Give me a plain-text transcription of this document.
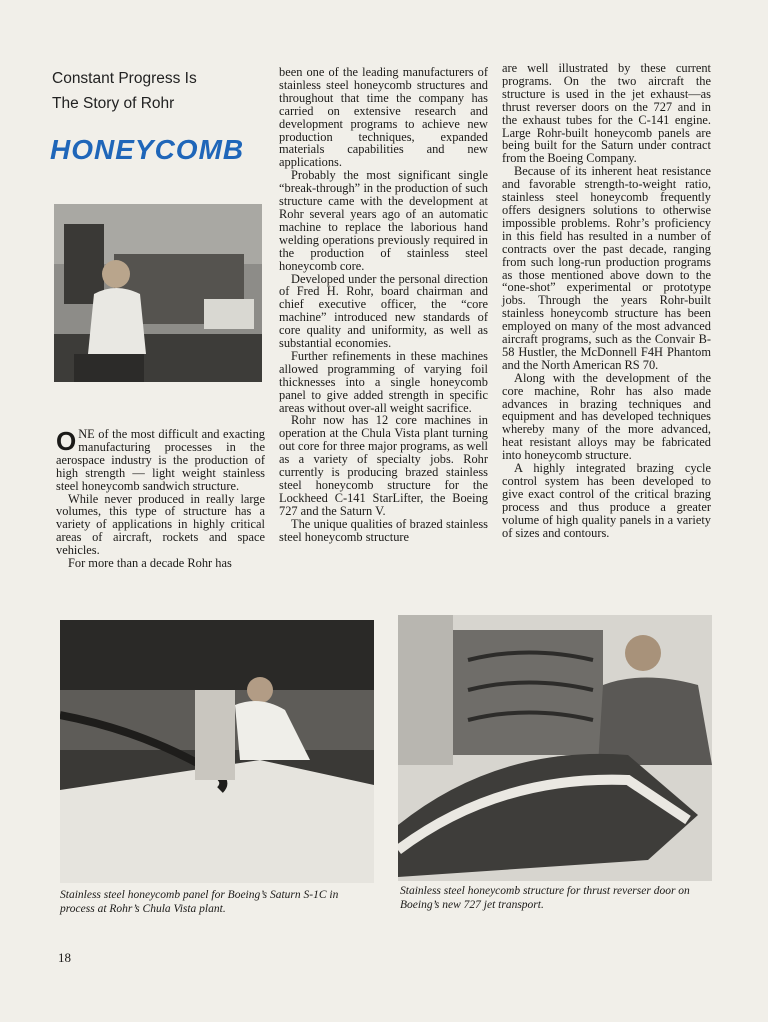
Constant Progress Is
The Story of Rohr
HONEYCOMB

ONE of the most difficult and exacting manufacturing processes in the aerospace industry is the production of high strength — light weight stainless steel honeycomb sandwich structure.

While never produced in really large volumes, this type of structure has a variety of applications in highly critical areas of aircraft, rockets and space vehicles.

For more than a decade Rohr has

been one of the leading manufacturers of stainless steel honeycomb structures and throughout that time the company has carried on extensive research and development programs to achieve new production techniques, expanded materials capabilities and new applications.

Probably the most significant single “break-through” in the production of such structure came with the development at Rohr several years ago of an automatic machine to replace the laborious hand welding operations previously required in the production of stainless steel honeycomb core.

Developed under the personal direction of Fred H. Rohr, board chairman and chief executive officer, the “core machine” introduced new standards of core quality and uniformity, as well as substantial economies.

Further refinements in these machines allowed programming of varying foil thicknesses into a single honeycomb panel to give added strength in specific areas without over-all weight sacrifice.

Rohr now has 12 core machines in operation at the Chula Vista plant turning out core for three major programs, as well as a variety of specialty jobs. Rohr currently is producing brazed stainless steel honeycomb structure for the Lockheed C-141 StarLifter, the Boeing 727 and the Saturn V.

The unique qualities of brazed stainless steel honeycomb structure

are well illustrated by these current programs. On the two aircraft the structure is used in the jet exhaust—as thrust reverser doors on the 727 and in the exhaust tubes for the C-141 engine. Large Rohr-built honeycomb panels are being built for the Saturn under contract from the Boeing Company.

Because of its inherent heat resistance and favorable strength-to-weight ratio, stainless steel honeycomb frequently offers designers solutions to otherwise impossible problems. Rohr’s proficiency in this field has resulted in a number of contracts over the past decade, ranging from such long-run production programs as those mentioned above down to the “one-shot” experimental or prototype jobs. Through the years Rohr-built stainless honeycomb structure has been employed on many of the most advanced aircraft programs, such as the Convair B-58 Hustler, the McDonnell F4H Phantom and the North American RS 70.

Along with the development of the core machine, Rohr has also made advances in brazing techniques and equipment and has developed techniques whereby many of the more advanced, heat resistant alloys may be fabricated into honeycomb structure.

A highly integrated brazing cycle control system has been developed to give exact control of the critical brazing process and thus produce a greater volume of high quality panels in a variety of sizes and contours.

Stainless steel honeycomb panel for Boeing’s Saturn S-1C in process at Rohr’s Chula Vista plant.
Stainless steel honeycomb structure for thrust reverser door on Boeing’s new 727 jet transport.
18
